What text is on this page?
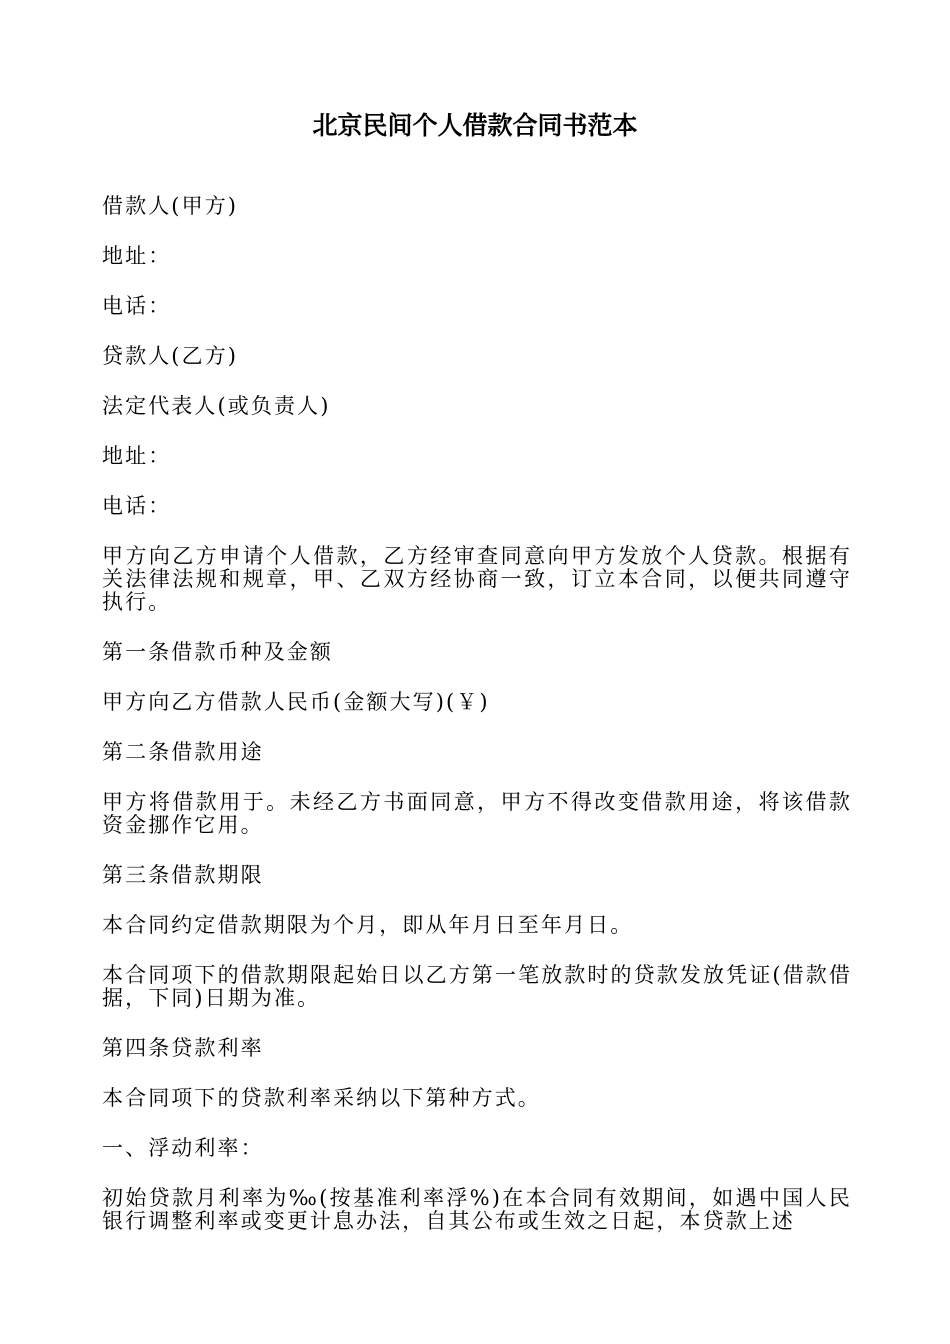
北京民间个人借款合同书范本

借款人(甲方)

地址：

电话：

贷款人(乙方)

法定代表人(或负责人)

地址：

电话：

甲方向乙方申请个人借款，乙方经审查同意向甲方发放个人贷款。根据有关法律法规和规章，甲、乙双方经协商一致，订立本合同，以便共同遵守执行。

第一条借款币种及金额

甲方向乙方借款人民币(金额大写)(￥)

第二条借款用途

甲方将借款用于。未经乙方书面同意，甲方不得改变借款用途，将该借款资金挪作它用。

第三条借款期限

本合同约定借款期限为个月，即从年月日至年月日。

本合同项下的借款期限起始日以乙方第一笔放款时的贷款发放凭证(借款借据，下同)日期为准。

第四条贷款利率

本合同项下的贷款利率采纳以下第种方式。

一、浮动利率：

初始贷款月利率为‰(按基准利率浮%)在本合同有效期间，如遇中国人民银行调整利率或变更计息办法，自其公布或生效之日起，本贷款上述
